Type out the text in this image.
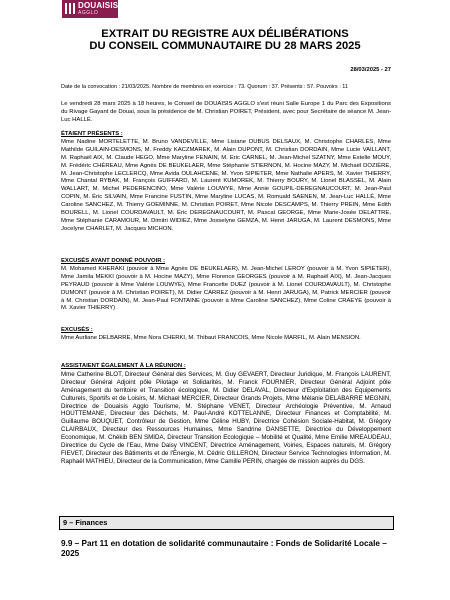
DOUAISIS
AGGLO
EXTRAIT DU REGISTRE AUX DÉLIBÉRATIONS
DU CONSEIL COMMUNAUTAIRE DU 28 MARS 2025
28/03/2025 - 27
Date de la convocation : 21/03/2025. Nombre de membres en exercice : 73. Quorum : 37. Présents : 57. Pouvoirs : 11

Le vendredi 28 mars 2025 à 18 heures, le Conseil de DOUAISIS AGGLO s'est réuni Salle Europe 1 du Parc des Expositions du Rivage Gayant de Douai, sous la présidence de M. Christian POIRET, Président, avec pour Secrétaire de séance M. Jean-Luc HALLÉ.

ÉTAIENT PRÉSENTS :

Mme Nadine MORTELETTE, M. Bruno VANDEVILLE, Mme Lisiane DUBUS DELSAUX, M. Christophe CHARLES, Mme Mathilde GUILAIN-DESMONS, M. Freddy KACZMAREK, M. Alain DUPONT, M. Christian DORDAIN, Mme Lucie VAILLANT, M. Raphaël AIX, M. Claude HEGO, Mme Maryline FENAIN, M. Eric CARNEL, M. Jean-Michel SZATNY, Mme Estelle MOUY, M. Frédéric CHÉREAU, Mme Agnès DE BEUKELAER, Mme Stéphanie STIERNON, M. Hocine MAZY, M. Michaël DOZIÈRE, M. Jean-Christophe LECLERCQ, Mme Avida OULAHCENE, M. Yvon SIPIETER, Mme Nathalie APERS, M. Xavier THIERRY, Mme Chantal RYBAK, M. François GUIFFARD, M. Laurent KUMOREK, M. Thierry BOURY, M. Lionel BLASSEL, M. Alain WALLART, M. Michel PEDERENCINO, Mme Valérie LOUWYE, Mme Annie GOUPIL-DEREGNAUCOURT, M. Jean-Paul COPIN, M. Éric SILVAIN, Mme Francine FUSTIN, Mme Maryline LUCAS, M. Romuald SAENEN, M. Jean-Luc HALLÉ, Mme Caroline SANCHEZ, M. Thierry GOEMINNE, M. Christian POIRET, Mme Nicole DESCAMPS, M. Thierry PREIN, Mme Edith BOURELL, M. Lionel COURDAVAULT, M. Éric DEREGNAUCOURT, M. Pascal GEORGE, Mme Marie-Josée DELATTRE, Mme Stéphanie CARAMOUR, M. Dimitri WIDIEZ, Mme Josselyne GEMZA, M. Henri JARUGA, M. Laurent DESMONS, Mme Jocelyne CHARLET, M. Jacques MICHON.

EXCUSÉS AYANT DONNÉ POUVOIR :

M. Mohamed KHERAKI (pouvoir à Mme Agnès DE BEUKELAER), M. Jean-Michel LEROY (pouvoir à M. Yvon SIPIETER), Mme Jamila MEKKI (pouvoir à M. Hocine MAZY), Mme Florence GEORGES (pouvoir à M. Raphaël AIX), M. Jean-Jacques PEYRAUD (pouvoir à Mme Valérie LOUWYE), Mme Francette DUEZ (pouvoir à M. Lionel COURDAVAULT), M. Christophe DUMONT (pouvoir à M. Christian POIRET), M. Didier CARREZ (pouvoir à M. Henri JARUGA), M. Patrick MERCIER (pouvoir à M. Christian DORDAIN), M. Jean-Paul FONTAINE (pouvoir à Mme Caroline SANCHEZ), Mme Coline CRAEYE (pouvoir à M. Xavier THIERRY)

EXCUSÉS :

Mme Aurliane DELBARRE, Mme Nora CHERKI, M. Thibaut FRANCOIS, Mme Nicole MARFIL, M. Alain MENSION.

ASSISTAIENT ÉGALEMENT À LA RÉUNION :

Mme Catherine BLOT, Directeur Général des Services, M. Guy GEVAERT, Directeur Juridique, M. François LAURENT, Directeur Général Adjoint pôle Pilotage et Solidarités, M. Franck FOURNIER, Directeur Général Adjoint pôle Aménagement du territoire et Transition écologique, M. Didier DELAVAL, Directeur d'Exploitation des Equipements Culturels, Sportifs et de Loisirs, M. Michael MERCIER, Directeur Grands Projets, Mme Mélanie DELABARRE MEGNIN, Directrice de Douaisis Agglo Tourisme, M. Stéphane VENET, Directeur Archéologie Préventive, M. Arnaud HOUTTEMANE, Directeur des Déchets, M. Paul-André KOTTELANNE, Directeur Finances et Comptabilité, M. Guillaume BOUQUET, Contrôleur de Gestion, Mme Céline HUBY, Directrice Cohésion Sociale-Habitat, M. Grégory CLAIRBAUX, Directeur des Ressources Humaines, Mme Sandrine DANSETTE, Directrice du Développement Economique, M. Chékib BEN SMIDA, Directeur Transition Ecologique – Mobilité et Qualité, Mme Emilie MREAUDEAU, Directrice du Cycle de l'Eau, Mme Daisy VINCENT, Directrice Aménagement, Voiries, Espaces naturels, M. Grégory FIEVET, Directeur des Bâtiments et de l'Énergie, M. Cédric GILLERON, Directeur Service Technologies Information, M. Raphaël MATHIEU, Directeur de la Communication, Mme Camille PERIN, chargée de mission auprès du DGS.

9 – Finances
9.9 – Part 11 en dotation de solidarité communautaire : Fonds de Solidarité Locale – 2025
